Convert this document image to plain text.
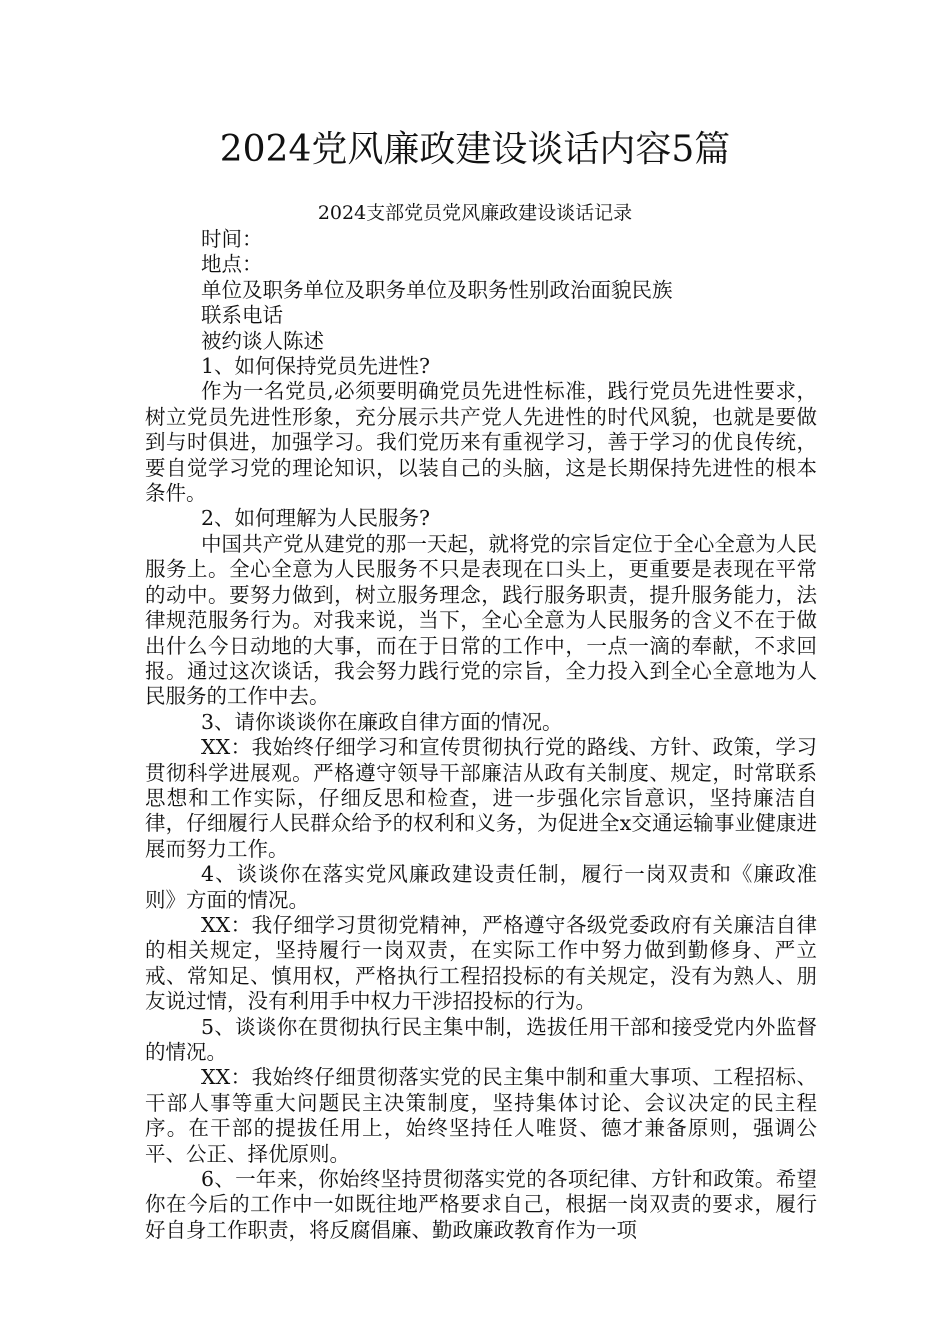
2024党风廉政建设谈话内容5篇
2024支部党员党风廉政建设谈话记录

时间：

地点：

单位及职务单位及职务单位及职务性别政治面貌民族

联系电话

被约谈人陈述

1、如何保持党员先进性?

作为一名党员,必须要明确党员先进性标准，践行党员先进性要求，树立党员先进性形象，充分展示共产党人先进性的时代风貌，也就是要做到与时俱进，加强学习。我们党历来有重视学习，善于学习的优良传统，要自觉学习党的理论知识，以装自己的头脑，这是长期保持先进性的根本条件。

2、如何理解为人民服务?

中国共产党从建党的那一天起，就将党的宗旨定位于全心全意为人民服务上。全心全意为人民服务不只是表现在口头上，更重要是表现在平常的动中。要努力做到，树立服务理念，践行服务职责，提升服务能力，法律规范服务行为。对我来说，当下，全心全意为人民服务的含义不在于做出什么今日动地的大事，而在于日常的工作中，一点一滴的奉献，不求回报。通过这次谈话，我会努力践行党的宗旨，全力投入到全心全意地为人民服务的工作中去。

3、请你谈谈你在廉政自律方面的情况。

XX：我始终仔细学习和宣传贯彻执行党的路线、方针、政策，学习贯彻科学进展观。严格遵守领导干部廉洁从政有关制度、规定，时常联系思想和工作实际，仔细反思和检查，进一步强化宗旨意识，坚持廉洁自律，仔细履行人民群众给予的权利和义务，为促进全x交通运输事业健康进展而努力工作。

4、谈谈你在落实党风廉政建设责任制，履行一岗双责和《廉政准则》方面的情况。

XX：我仔细学习贯彻党精神，严格遵守各级党委政府有关廉洁自律的相关规定，坚持履行一岗双责，在实际工作中努力做到勤修身、严立戒、常知足、慎用权，严格执行工程招投标的有关规定，没有为熟人、朋友说过情，没有利用手中权力干涉招投标的行为。

5、谈谈你在贯彻执行民主集中制，选拔任用干部和接受党内外监督的情况。

XX：我始终仔细贯彻落实党的民主集中制和重大事项、工程招标、干部人事等重大问题民主决策制度，坚持集体讨论、会议决定的民主程序。在干部的提拔任用上，始终坚持任人唯贤、德才兼备原则，强调公平、公正、择优原则。

6、一年来，你始终坚持贯彻落实党的各项纪律、方针和政策。希望你在今后的工作中一如既往地严格要求自己，根据一岗双责的要求，履行好自身工作职责，将反腐倡廉、勤政廉政教育作为一项
